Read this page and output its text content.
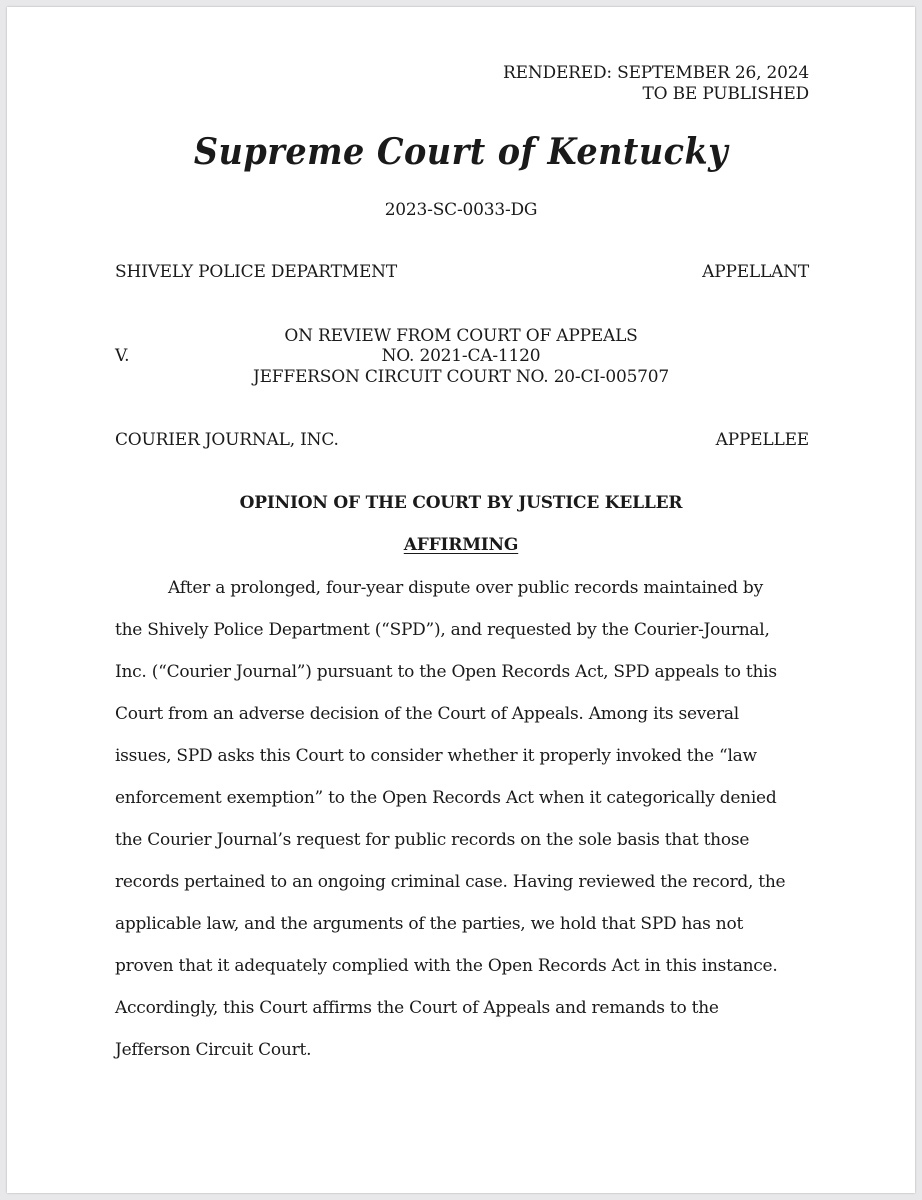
RENDERED: SEPTEMBER 26, 2024
TO BE PUBLISHED
Supreme Court of Kentucky
2023-SC-0033-DG
SHIVELY POLICE DEPARTMENT	APPELLANT
ON REVIEW FROM COURT OF APPEALS
V.	NO. 2021-CA-1120
JEFFERSON CIRCUIT COURT NO. 20-CI-005707
COURIER JOURNAL, INC.	APPELLEE
OPINION OF THE COURT BY JUSTICE KELLER
AFFIRMING
After a prolonged, four-year dispute over public records maintained by
the Shively Police Department (“SPD”), and requested by the Courier-Journal,
Inc. (“Courier Journal”) pursuant to the Open Records Act, SPD appeals to this
Court from an adverse decision of the Court of Appeals. Among its several
issues, SPD asks this Court to consider whether it properly invoked the “law
enforcement exemption” to the Open Records Act when it categorically denied
the Courier Journal’s request for public records on the sole basis that those
records pertained to an ongoing criminal case. Having reviewed the record, the
applicable law, and the arguments of the parties, we hold that SPD has not
proven that it adequately complied with the Open Records Act in this instance.
Accordingly, this Court affirms the Court of Appeals and remands to the
Jefferson Circuit Court.
